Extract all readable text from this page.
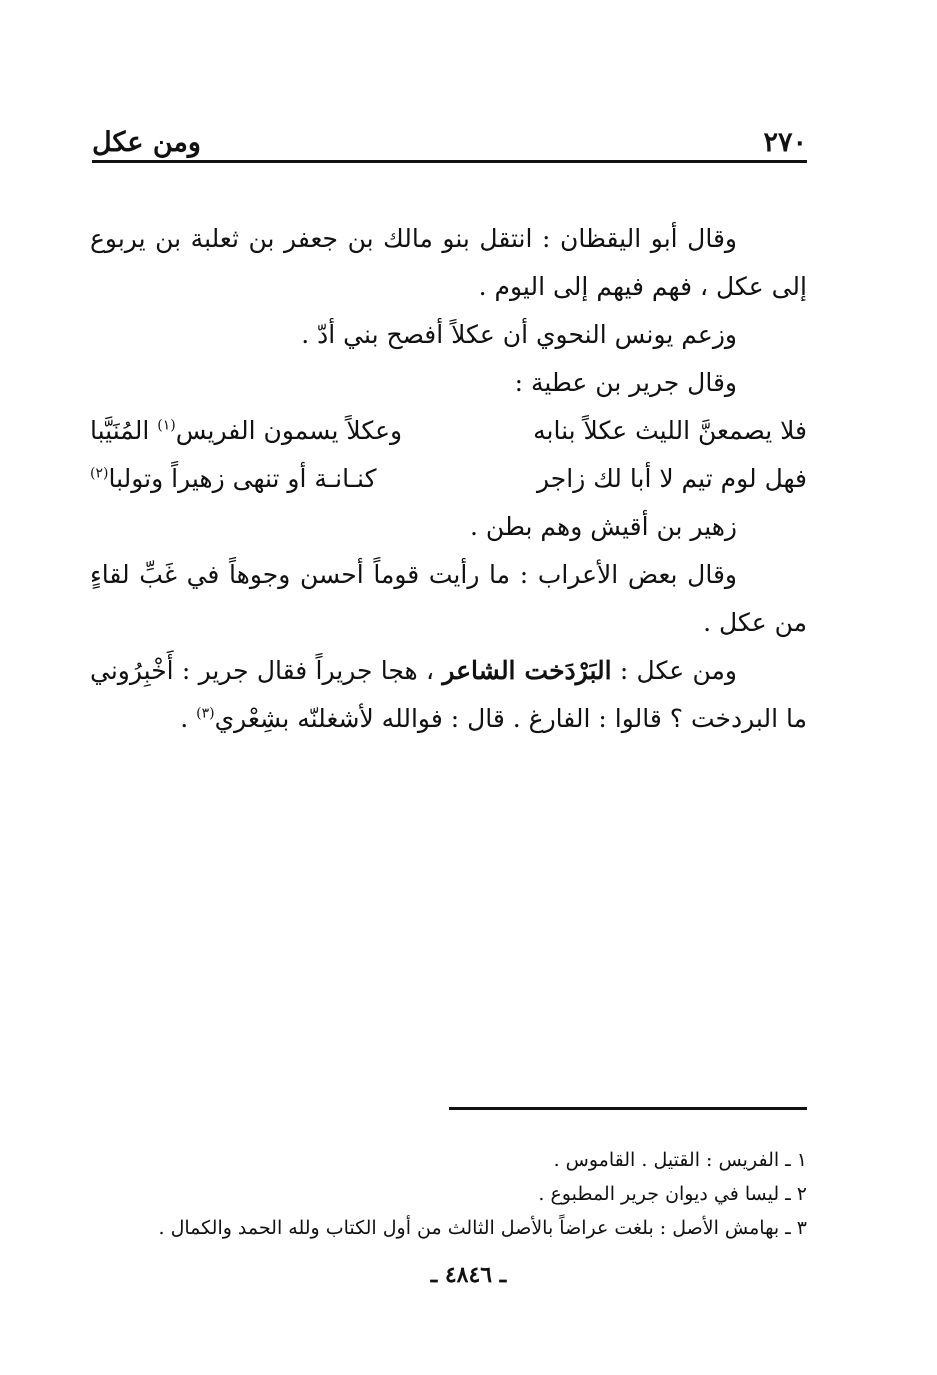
٢٧٠
ومن عكل

وقال أبو اليقظان : انتقل بنو مالك بن جعفر بن ثعلبة بن يربوع إلى عكل ، فهم فيهم إلى اليوم .

وزعم يونس النحوي أن عكلاً أفصح بني أدّ .

وقال جرير بن عطية :

فلا يصمعنَّ الليث عكلاً بنابه
وعكلاً يسمون الفريس$^{(١)}$ المُنَيَّبا
فهل لوم تيم لا أبا لك زاجر
كنـانـة أو تنهى زهيراً وتولبا$^{(٢)}$

زهير بن أقيش وهم بطن .

وقال بعض الأعراب : ما رأيت قوماً أحسن وجوهاً في غَبِّ لقاءٍ من عكل .

ومن عكل : البَرْدَخت الشاعر ، هجا جريراً فقال جرير : أَخْبِرُوني ما البردخت ؟ قالوا : الفارغ . قال : فوالله لأشغلنّه بشِعْري$^{(٣)}$ .

١ ـ الفريس : القتيل . القاموس .

٢ ـ ليسا في ديوان جرير المطبوع .

٣ ـ بهامش الأصل : بلغت عراضاً بالأصل الثالث من أول الكتاب ولله الحمد والكمال .

ـ ٤٨٤٦ ـ
